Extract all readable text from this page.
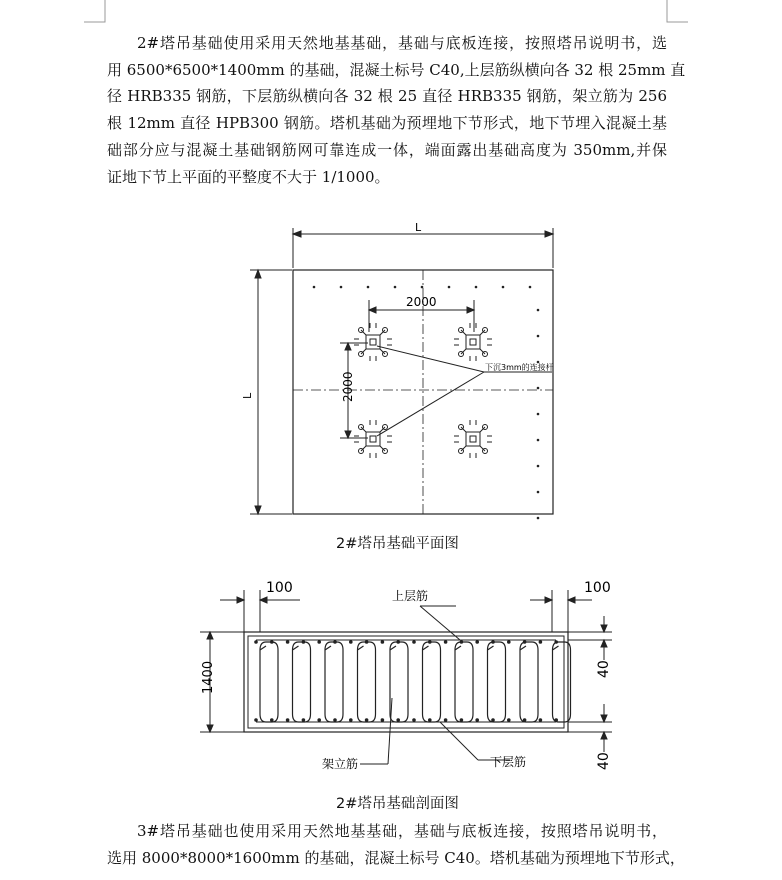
2#塔吊基础使用采用天然地基基础，基础与底板连接，按照塔吊说明书，选
用 6500*6500*1400mm 的基础，混凝土标号 C40,上层筋纵横向各 32 根 25mm 直
径 HRB335 钢筋，下层筋纵横向各 32 根 25 直径 HRB335 钢筋，架立筋为 256
根 12mm 直径 HPB300 钢筋。塔机基础为预埋地下节形式，地下节埋入混凝土基
础部分应与混凝土基础钢筋网可靠连成一体，端面露出基础高度为 350mm,并保
证地下节上平面的平整度不大于 1/1000。
L
L
2000
2000
下沉3mm的连接杆
2#塔吊基础平面图
100	100
1400	40
40
上层筋
架立筋	下层筋
2#塔吊基础剖面图
3#塔吊基础也使用采用天然地基基础，基础与底板连接，按照塔吊说明书，
选用 8000*8000*1600mm 的基础，混凝土标号 C40。塔机基础为预埋地下节形式，
